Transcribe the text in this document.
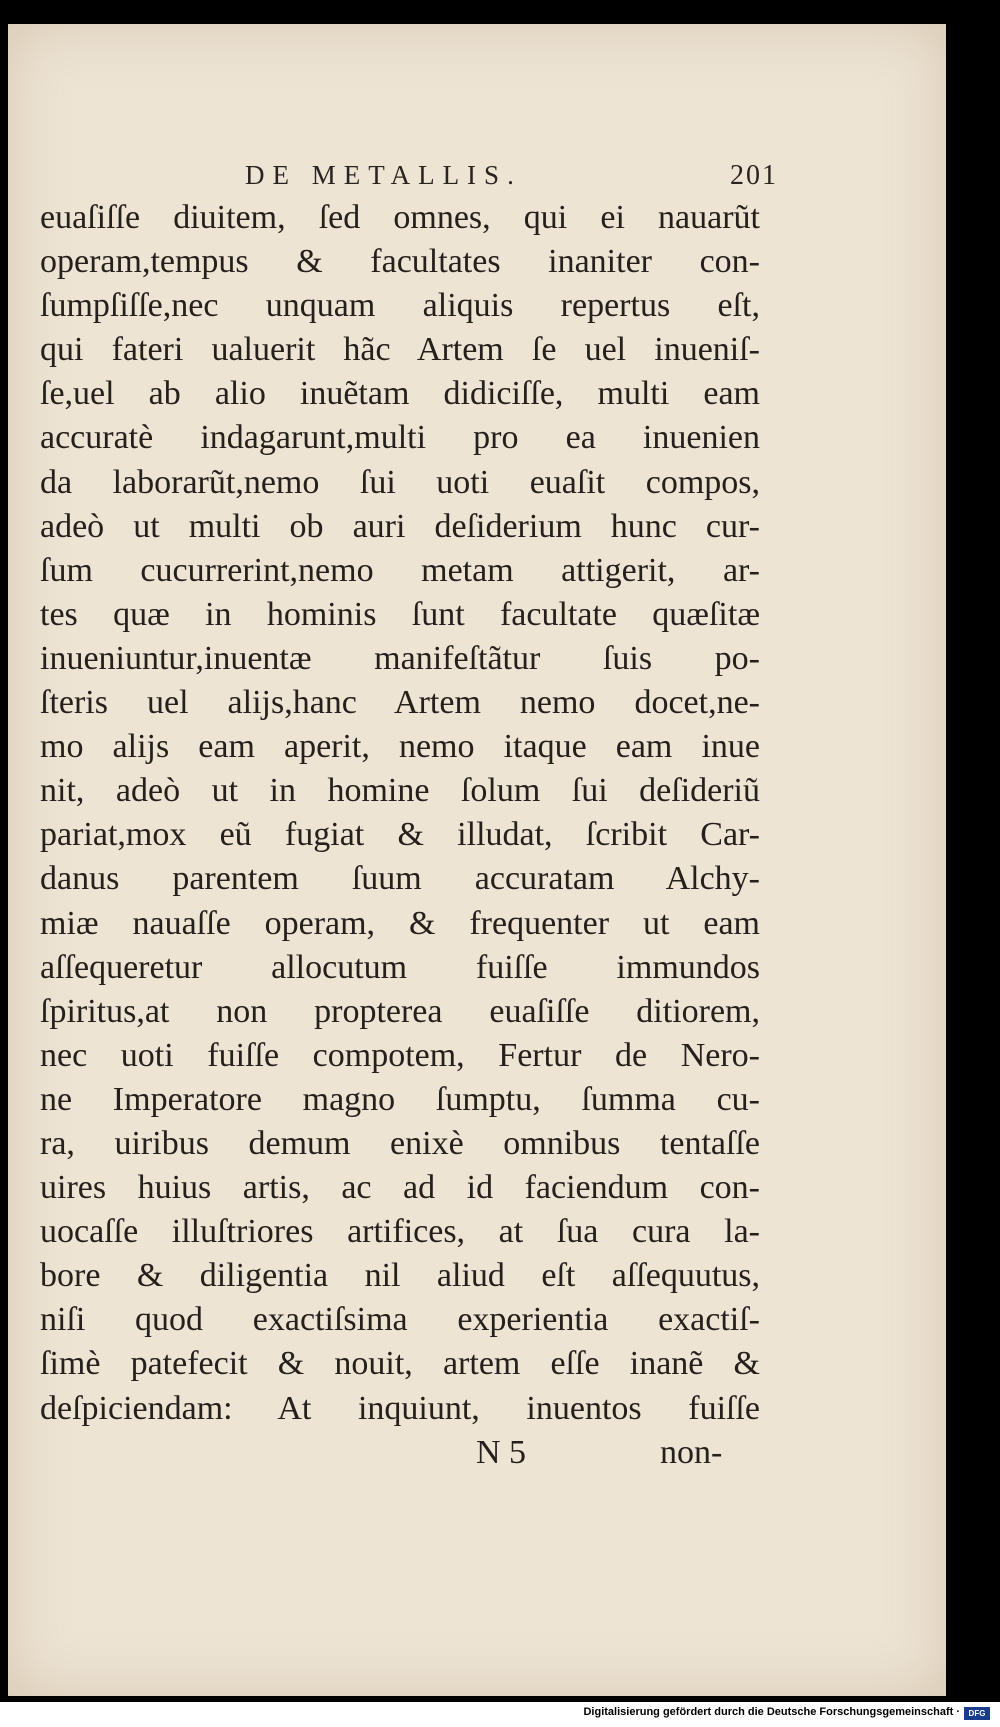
DE METALLIS.	201
euaſiſſe diuitem, ſed omnes, qui ei nauarũt
operam,tempus & facultates inaniter con-
ſumpſiſſe,nec unquam aliquis repertus eſt,
qui fateri ualuerit hãc Artem ſe uel inueniſ-
ſe,uel ab alio inuẽtam didiciſſe, multi eam
accuratè indagarunt,multi pro ea inuenien
da laborarũt,nemo ſui uoti euaſit compos,
adeò ut multi ob auri deſiderium hunc cur-
ſum cucurrerint,nemo metam attigerit, ar-
tes quæ in hominis ſunt facultate quæſitæ
inueniuntur,inuentæ manifeſtãtur ſuis po-
ſteris uel alijs,hanc Artem nemo docet,ne-
mo alijs eam aperit, nemo itaque eam inue
nit, adeò ut in homine ſolum ſui deſideriũ
pariat,mox eũ fugiat & illudat, ſcribit Car-
danus parentem ſuum accuratam Alchy-
miæ nauaſſe operam, & frequenter ut eam
aſſequeretur allocutum fuiſſe immundos
ſpiritus,at non propterea euaſiſſe ditiorem,
nec uoti fuiſſe compotem, Fertur de Nero-
ne Imperatore magno ſumptu, ſumma cu-
ra, uiribus demum enixè omnibus tentaſſe
uires huius artis, ac ad id faciendum con-
uocaſſe illuſtriores artifices, at ſua cura la-
bore & diligentia nil aliud eſt aſſequutus,
niſi quod exactiſsima experientia exactiſ-
ſimè patefecit & nouit, artem eſſe inanẽ &
deſpiciendam: At inquiunt, inuentos fuiſſe
N 5	non-
Digitalisierung gefördert durch die Deutsche Forschungsgemeinschaft ·	DFG
